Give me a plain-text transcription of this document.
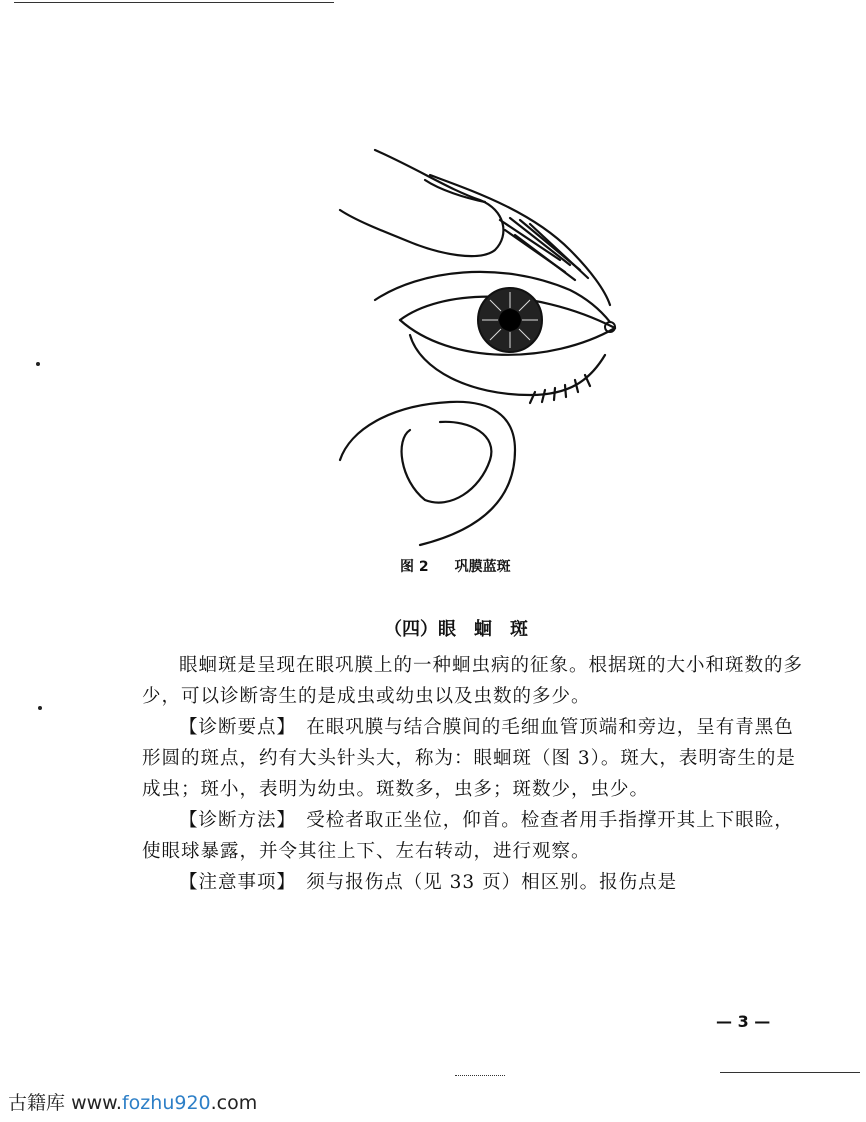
图 2 巩膜蓝斑
（四）眼　蛔　斑

眼蛔斑是呈现在眼巩膜上的一种蛔虫病的征象。根据斑的大小和斑数的多少，可以诊断寄生的是成虫或幼虫以及虫数的多少。

【诊断要点】　 在眼巩膜与结合膜间的毛细血管顶端和旁边，呈有青黑色形圆的斑点，约有大头针头大，称为：眼蛔斑（图 3）。斑大，表明寄生的是成虫；斑小，表明为幼虫。斑数多，虫多；斑数少，虫少。

【诊断方法】　 受检者取正坐位，仰首。检查者用手指撑开其上下眼睑，使眼球暴露，并令其往上下、左右转动，进行观察。

【注意事项】　 须与报伤点（见 33 页）相区别。报伤点是

— 3 —
古籍库 www.fozhu920.com
